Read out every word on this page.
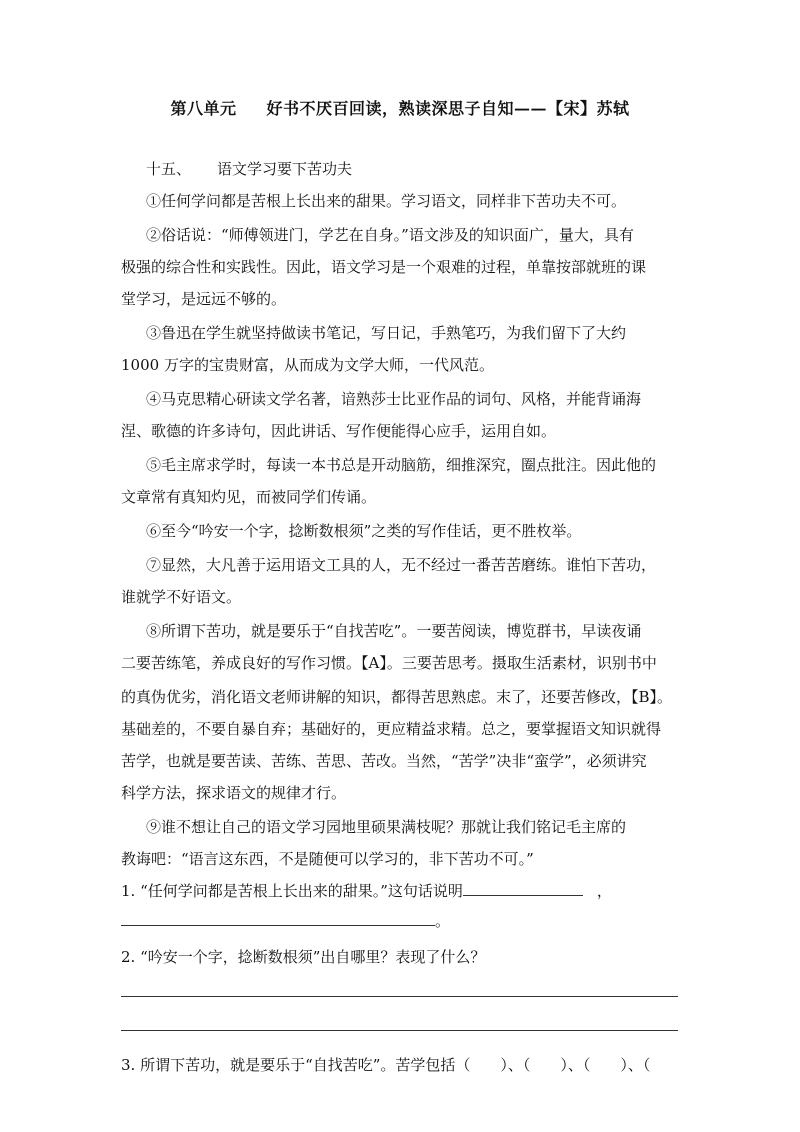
第八单元 好书不厌百回读，熟读深思子自知——【宋】苏轼
十五、 语文学习要下苦功夫
①任何学问都是苦根上长出来的甜果。学习语文，同样非下苦功夫不可。
②俗话说：“师傅领进门，学艺在自身。”语文涉及的知识面广，量大，具有
极强的综合性和实践性。因此，语文学习是一个艰难的过程，单靠按部就班的课
堂学习，是远远不够的。
③鲁迅在学生就坚持做读书笔记，写日记，手熟笔巧，为我们留下了大约
1000 万字的宝贵财富，从而成为文学大师，一代风范。
④马克思精心研读文学名著，谙熟莎士比亚作品的词句、风格，并能背诵海
涅、歌德的许多诗句，因此讲话、写作便能得心应手，运用自如。
⑤毛主席求学时，每读一本书总是开动脑筋，细推深究，圈点批注。因此他的
文章常有真知灼见，而被同学们传诵。
⑥至今“吟安一个字，捻断数根须”之类的写作佳话，更不胜枚举。
⑦显然，大凡善于运用语文工具的人，无不经过一番苦苦磨练。谁怕下苦功，
谁就学不好语文。
⑧所谓下苦功，就是要乐于“自找苦吃”。一要苦阅读，博览群书，早读夜诵
二要苦练笔，养成良好的写作习惯。【A】。三要苦思考。摄取生活素材，识别书中
的真伪优劣，消化语文老师讲解的知识，都得苦思熟虑。末了，还要苦修改，【B】。
基础差的，不要自暴自弃；基础好的，更应精益求精。总之，要掌握语文知识就得
苦学，也就是要苦读、苦练、苦思、苦改。当然，“苦学”决非“蛮学”，必须讲究
科学方法，探求语文的规律才行。
⑨谁不想让自己的语文学习园地里硕果满枝呢？那就让我们铭记毛主席的
教诲吧：“语言这东西，不是随便可以学习的，非下苦功不可。”
1. “任何学问都是苦根上长出来的甜果。”这句话说明	，
。
2. “吟安一个字，捻断数根须”出自哪里？表现了什么？
3. 所谓下苦功，就是要乐于“自找苦吃”。苦学包括（　　）、（　　）、（　　）、（
